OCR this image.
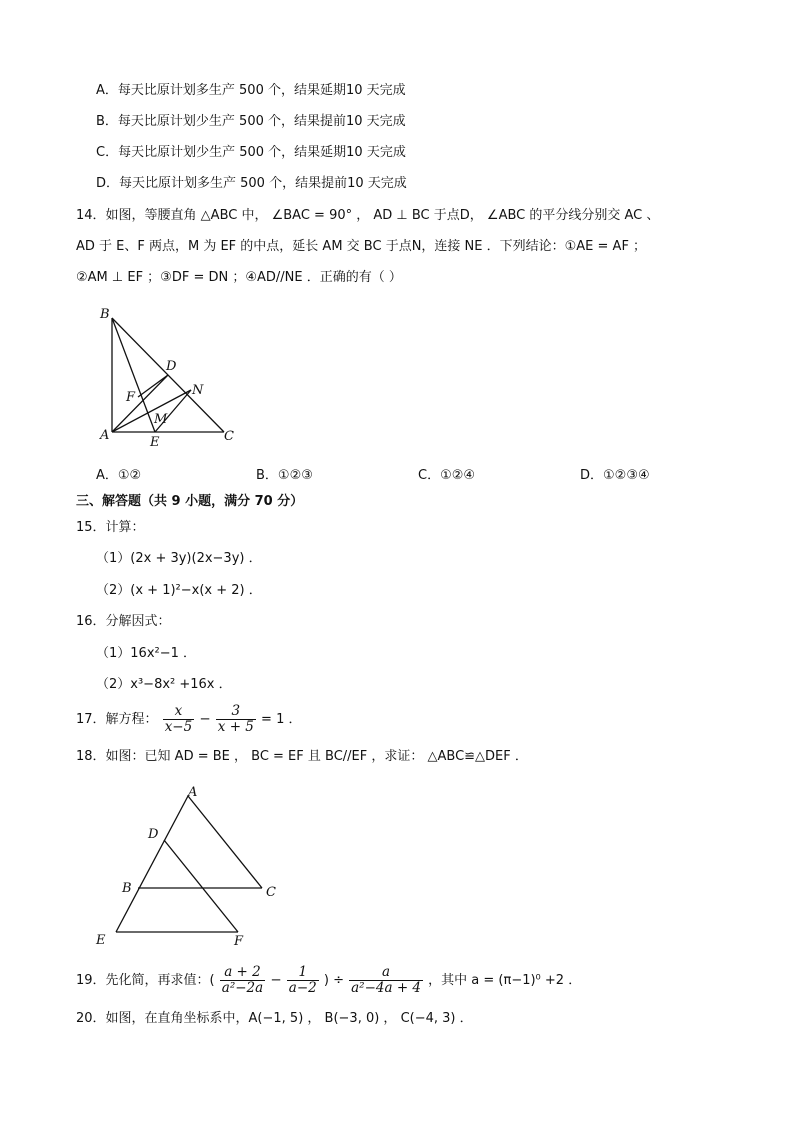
A．每天比原计划多生产 500 个，结果延期10 天完成
B．每天比原计划少生产 500 个，结果提前10 天完成
C．每天比原计划少生产 500 个，结果延期10 天完成
D．每天比原计划多生产 500 个，结果提前10 天完成
14．如图，等腰直角 △ABC 中， ∠BAC = 90° ， AD ⊥ BC 于点D， ∠ABC 的平分线分别交 AC 、
AD 于 E、F 两点，M 为 EF 的中点，延长 AM 交 BC 于点N，连接 NE ．下列结论：①AE = AF ；
②AM ⊥ EF ；③DF = DN ；④AD//NE ．正确的有（ ）
B
D
N
F
M
A	E	C
A．①②	B．①②③	C．①②④	D．①②③④
三、解答题（共 9 小题，满分 70 分）
15．计算：
（1）(2x + 3y)(2x−3y) ．
（2）(x + 1)²−x(x + 2) ．
16．分解因式：
（1）16x²−1 ．
（2）x³−8x² +16x ．
17．解方程： $\frac{x}{x-5} - \frac{3}{x + 5} = 1$ ．
18．如图：已知 AD = BE ， BC = EF 且 BC//EF ，求证： △ABC≌△DEF ．
A
D
B	C
E	F
19．先化简，再求值：( $\frac{a + 2}{\text{a²−2a}} - \frac{1}{a-2}$ ) ÷ $\frac{a}{\text{a²−4a + 4}}$ ，其中 a = (π−1)⁰ +2 ．
20．如图，在直角坐标系中，A(−1, 5) ， B(−3, 0) ， C(−4, 3) ．
